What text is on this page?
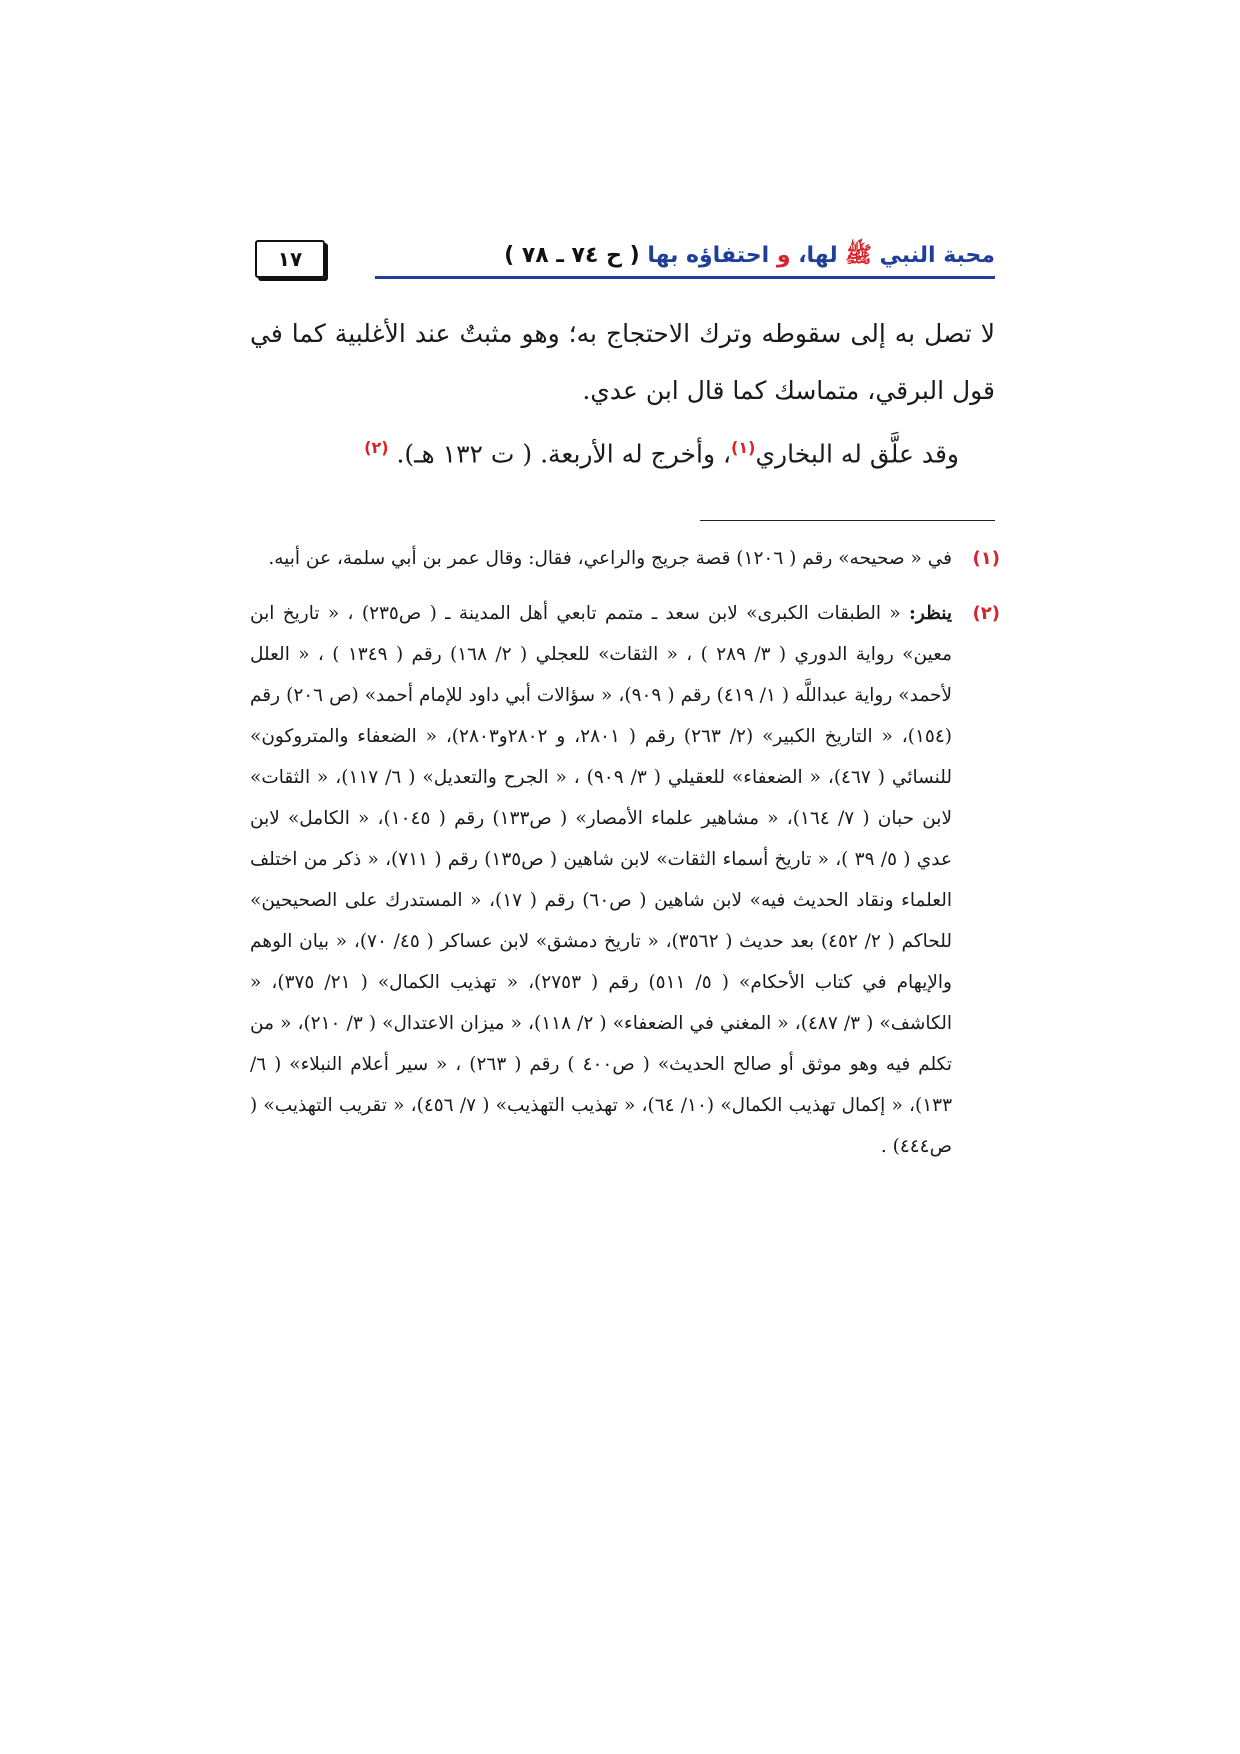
محبة النبي ﷺ لها، و احتفاؤه بها ( ح ٧٤ ـ ٧٨ )
١٧

لا تصل به إلى سقوطه وترك الاحتجاج به؛ وهو مثبتٌ عند الأغلبية كما في قول البرقي، متماسك كما قال ابن عدي.

وقد علَّق له البخاري$^{(١)}$، وأخرج له الأربعة. ( ت ١٣٢ هـ). $^{(٢)}$

(١)

في « صحيحه» رقم ( ١٢٠٦) قصة جريج والراعي، فقال: وقال عمر بن أبي سلمة، عن أبيه.

(٢)

ينظر: « الطبقات الكبرى» لابن سعد ـ متمم تابعي أهل المدينة ـ ( ص٢٣٥) ، « تاريخ ابن معين» رواية الدوري ( ٣/ ٢٨٩ ) ، « الثقات» للعجلي ( ٢/ ١٦٨) رقم ( ١٣٤٩ ) ، « العلل لأحمد» رواية عبداللَّه ( ١/ ٤١٩) رقم ( ٩٠٩)، « سؤالات أبي داود للإمام أحمد» (ص ٢٠٦) رقم (١٥٤)، « التاريخ الكبير» (٢/ ٢٦٣) رقم ( ٢٨٠١، و ٢٨٠٢و٢٨٠٣)، « الضعفاء والمتروكون» للنسائي ( ٤٦٧)، « الضعفاء» للعقيلي ( ٣/ ٩٠٩) ، « الجرح والتعديل» ( ٦/ ١١٧)، « الثقات» لابن حبان ( ٧/ ١٦٤)، « مشاهير علماء الأمصار» ( ص١٣٣) رقم ( ١٠٤٥)، « الكامل» لابن عدي ( ٥/ ٣٩ )، « تاريخ أسماء الثقات» لابن شاهين ( ص١٣٥) رقم ( ٧١١)، « ذكر من اختلف العلماء ونقاد الحديث فيه» لابن شاهين ( ص٦٠) رقم ( ١٧)، « المستدرك على الصحيحين» للحاكم ( ٢/ ٤٥٢) بعد حديث ( ٣٥٦٢)، « تاريخ دمشق» لابن عساكر ( ٤٥/ ٧٠)، « بيان الوهم والإيهام في كتاب الأحكام» ( ٥/ ٥١١) رقم ( ٢٧٥٣)، « تهذيب الكمال» ( ٢١/ ٣٧٥)، « الكاشف» ( ٣/ ٤٨٧)، « المغني في الضعفاء» ( ٢/ ١١٨)، « ميزان الاعتدال» ( ٣/ ٢١٠)، « من تكلم فيه وهو موثق أو صالح الحديث» ( ص٤٠٠ ) رقم ( ٢٦٣) ، « سير أعلام النبلاء» ( ٦/ ١٣٣)، « إكمال تهذيب الكمال» (١٠/ ٦٤)، « تهذيب التهذيب» ( ٧/ ٤٥٦)، « تقريب التهذيب» ( ص٤٤٤) .
